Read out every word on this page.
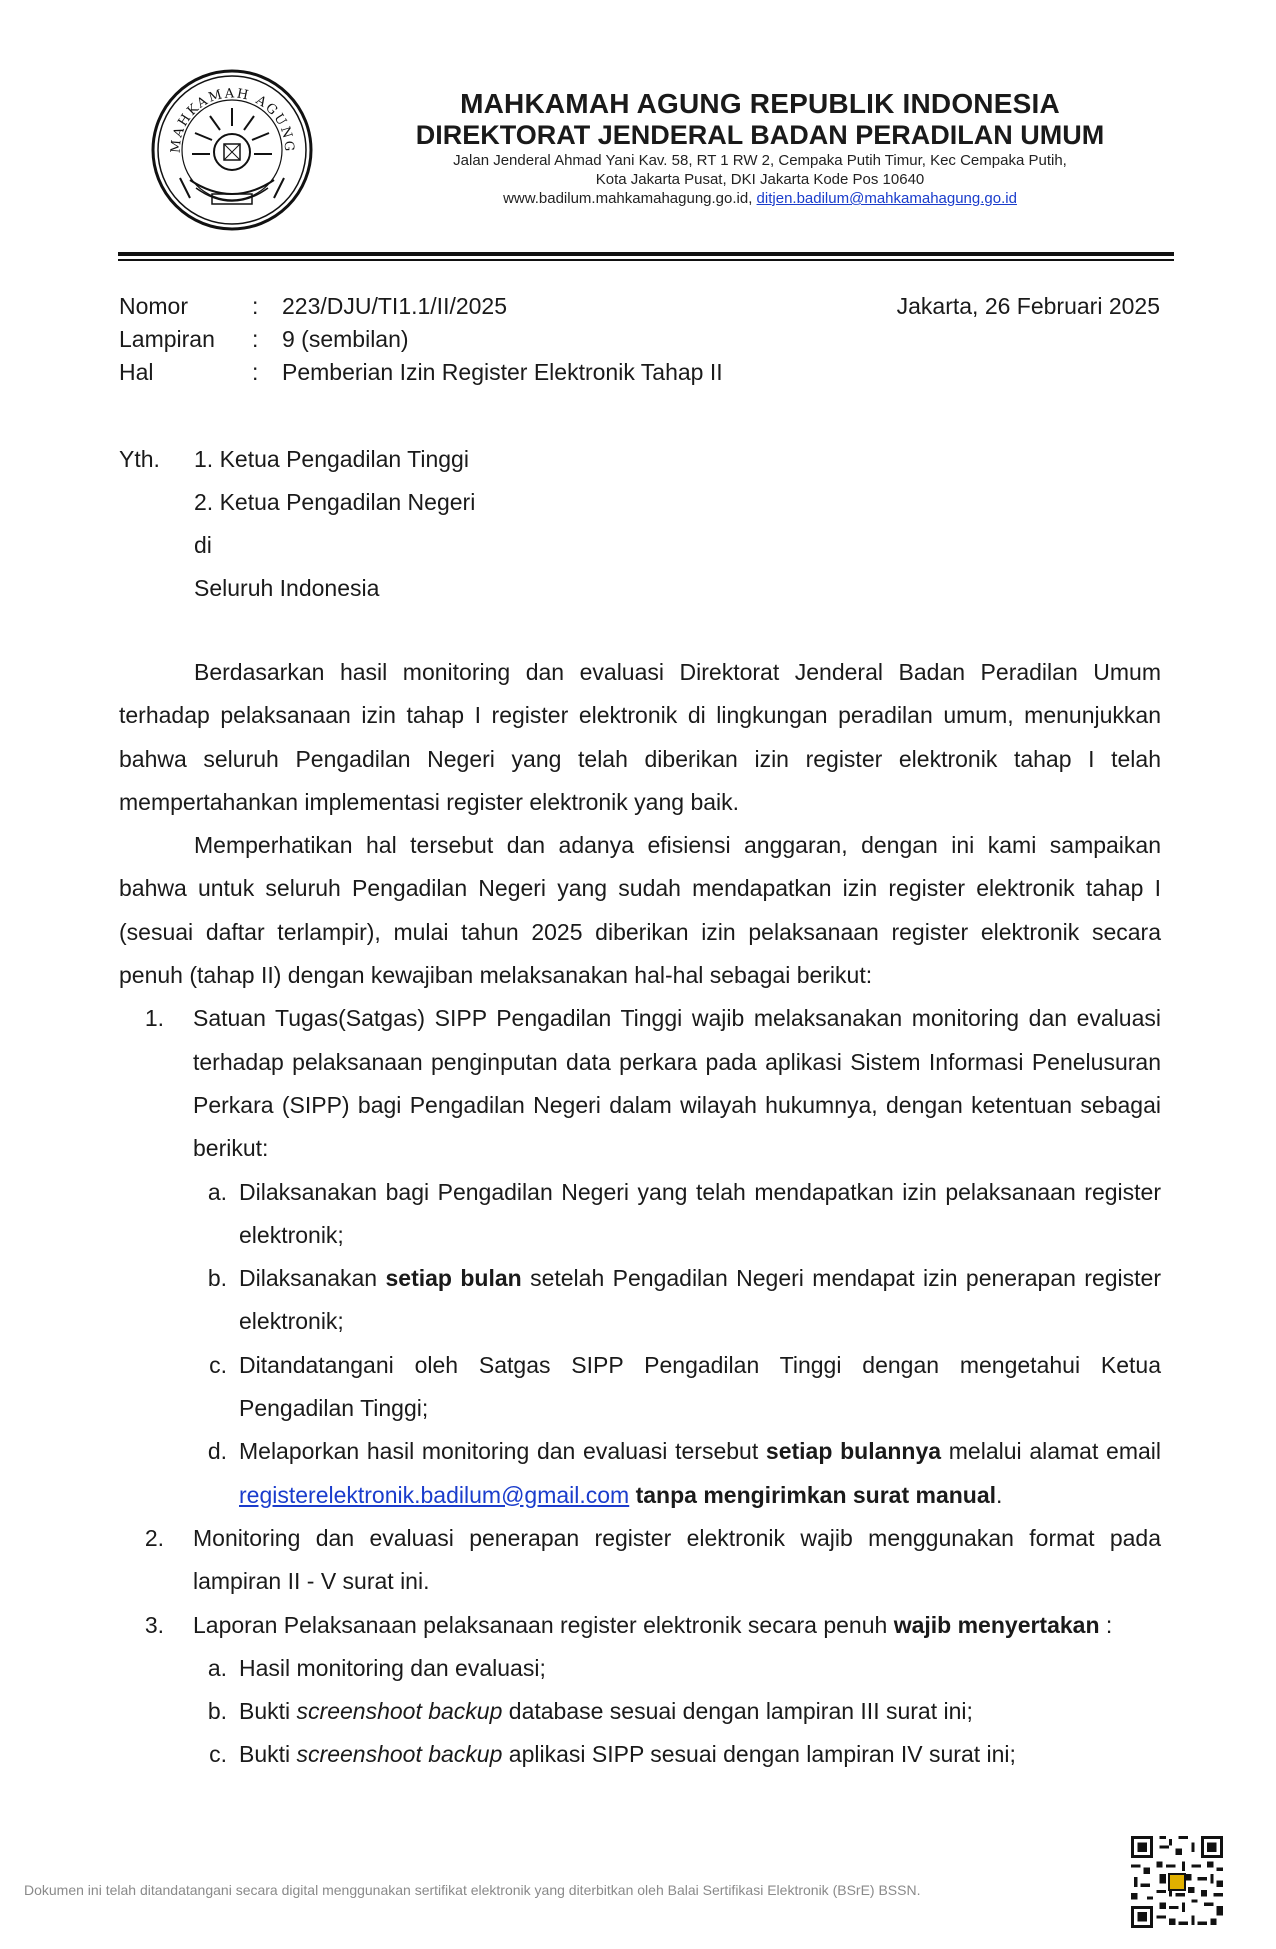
MAHKAMAH AGUNG
MAHKAMAH AGUNG REPUBLIK INDONESIA
DIREKTORAT JENDERAL BADAN PERADILAN UMUM
Jalan Jenderal Ahmad Yani Kav. 58, RT 1 RW 2, Cempaka Putih Timur, Kec Cempaka Putih,
Kota Jakarta Pusat, DKI Jakarta Kode Pos 10640
www.badilum.mahkamahagung.go.id, ditjen.badilum@mahkamahagung.go.id
Nomor	:	223/DJU/TI1.1/II/2025
Lampiran	:	9 (sembilan)
Hal	:	Pemberian Izin Register Elektronik Tahap II
Jakarta, 26 Februari 2025
Yth.	1. Ketua Pengadilan Tinggi
2. Ketua Pengadilan Negeri
di
Seluruh Indonesia

Berdasarkan hasil monitoring dan evaluasi Direktorat Jenderal Badan Peradilan Umum terhadap pelaksanaan izin tahap I register elektronik di lingkungan peradilan umum, menunjukkan bahwa seluruh Pengadilan Negeri yang telah diberikan izin register elektronik tahap I telah mempertahankan implementasi register elektronik yang baik.

Memperhatikan hal tersebut dan adanya efisiensi anggaran, dengan ini kami sampaikan bahwa untuk seluruh Pengadilan Negeri yang sudah mendapatkan izin register elektronik tahap I (sesuai daftar terlampir), mulai tahun 2025 diberikan izin pelaksanaan register elektronik secara penuh (tahap II) dengan kewajiban melaksanakan hal-hal sebagai berikut:

1.	Satuan Tugas(Satgas) SIPP Pengadilan Tinggi wajib melaksanakan monitoring dan evaluasi terhadap pelaksanaan penginputan data perkara pada aplikasi Sistem Informasi Penelusuran Perkara (SIPP) bagi Pengadilan Negeri dalam wilayah hukumnya, dengan ketentuan sebagai berikut:
a. Dilaksanakan bagi Pengadilan Negeri yang telah mendapatkan izin pelaksanaan register elektronik;
b. Dilaksanakan setiap bulan setelah Pengadilan Negeri mendapat izin penerapan register elektronik;
c. Ditandatangani oleh Satgas SIPP Pengadilan Tinggi dengan mengetahui Ketua Pengadilan Tinggi;
d. Melaporkan hasil monitoring dan evaluasi tersebut setiap bulannya melalui alamat email registerelektronik.badilum@gmail.com tanpa mengirimkan surat manual.
2.	Monitoring dan evaluasi penerapan register elektronik wajib menggunakan format pada lampiran II - V surat ini.
3.	Laporan Pelaksanaan pelaksanaan register elektronik secara penuh wajib menyertakan :
a. Hasil monitoring dan evaluasi;
b. Bukti screenshoot backup database sesuai dengan lampiran III surat ini;
c. Bukti screenshoot backup aplikasi SIPP sesuai dengan lampiran IV surat ini;
Dokumen ini telah ditandatangani secara digital menggunakan sertifikat elektronik yang diterbitkan oleh Balai Sertifikasi Elektronik (BSrE) BSSN.
